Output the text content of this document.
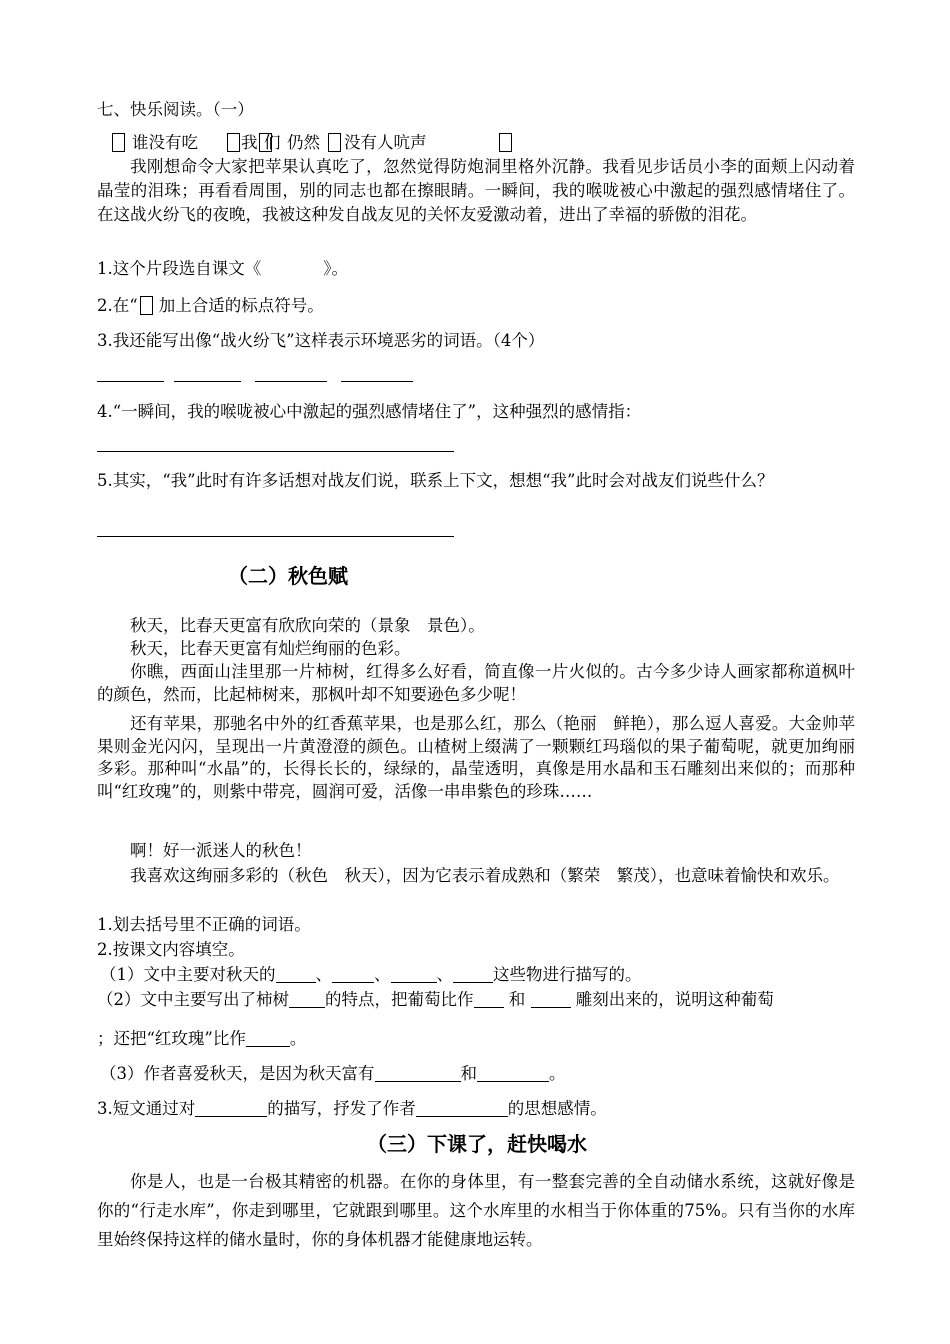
七、快乐阅读。（一）
谁没有吃	我 们 仍然 没有人吭声
我刚想命令大家把苹果认真吃了，忽然觉得防炮洞里格外沉静。我看见步话员小李的面颊上闪动着晶莹的泪珠；再看看周围，别的同志也都在擦眼睛。一瞬间，我的喉咙被心中激起的强烈感情堵住了。在这战火纷飞的夜晚，我被这种发自战友见的关怀友爱激动着，进出了幸福的骄傲的泪花。
1.这个片段选自课文《	》。
2.在“ 加上合适的标点符号。
3.我还能写出像“战火纷飞”这样表示环境恶劣的词语。（4个）
4.“一瞬间，我的喉咙被心中激起的强烈感情堵住了”，这种强烈的感情指：
5.其实，“我”此时有许多话想对战友们说，联系上下文，想想“我”此时会对战友们说些什么？
（二）秋色赋
秋天，比春天更富有欣欣向荣的（景象　景色）。
秋天，比春天更富有灿烂绚丽的色彩。
你瞧，西面山洼里那一片柿树，红得多么好看，简直像一片火似的。古今多少诗人画家都称道枫叶的颜色，然而，比起柿树来，那枫叶却不知要逊色多少呢！
还有苹果，那驰名中外的红香蕉苹果，也是那么红，那么（艳丽　鲜艳），那么逗人喜爱。大金帅苹果则金光闪闪，呈现出一片黄澄澄的颜色。山楂树上缀满了一颗颗红玛瑙似的果子葡萄呢，就更加绚丽多彩。那种叫“水晶”的，长得长长的，绿绿的，晶莹透明，真像是用水晶和玉石雕刻出来似的；而那种叫“红玫瑰”的，则紫中带亮，圆润可爱，活像一串串紫色的珍珠……
啊！好一派迷人的秋色！
我喜欢这绚丽多彩的（秋色　秋天），因为它表示着成熟和（繁荣　繁茂），也意味着愉快和欢乐。
1.划去括号里不正确的词语。
2.按课文内容填空。
（1）文中主要对秋天的 、	、	、 这些物进行描写的。
（2）文中主要写出了柿树 的特点，把葡萄比作 和	雕刻出来的，说明这种葡萄
；还把“红玫瑰”比作	。
（3）作者喜爱秋天，是因为秋天富有	和	。
3.短文通过对	的描写，抒发了作者	的思想感情。
（三）下课了，赶快喝水
你是人，也是一台极其精密的机器。在你的身体里，有一整套完善的全自动储水系统，这就好像是你的“行走水库”，你走到哪里，它就跟到哪里。这个水库里的水相当于你体重的75%。只有当你的水库里始终保持这样的储水量时，你的身体机器才能健康地运转。
